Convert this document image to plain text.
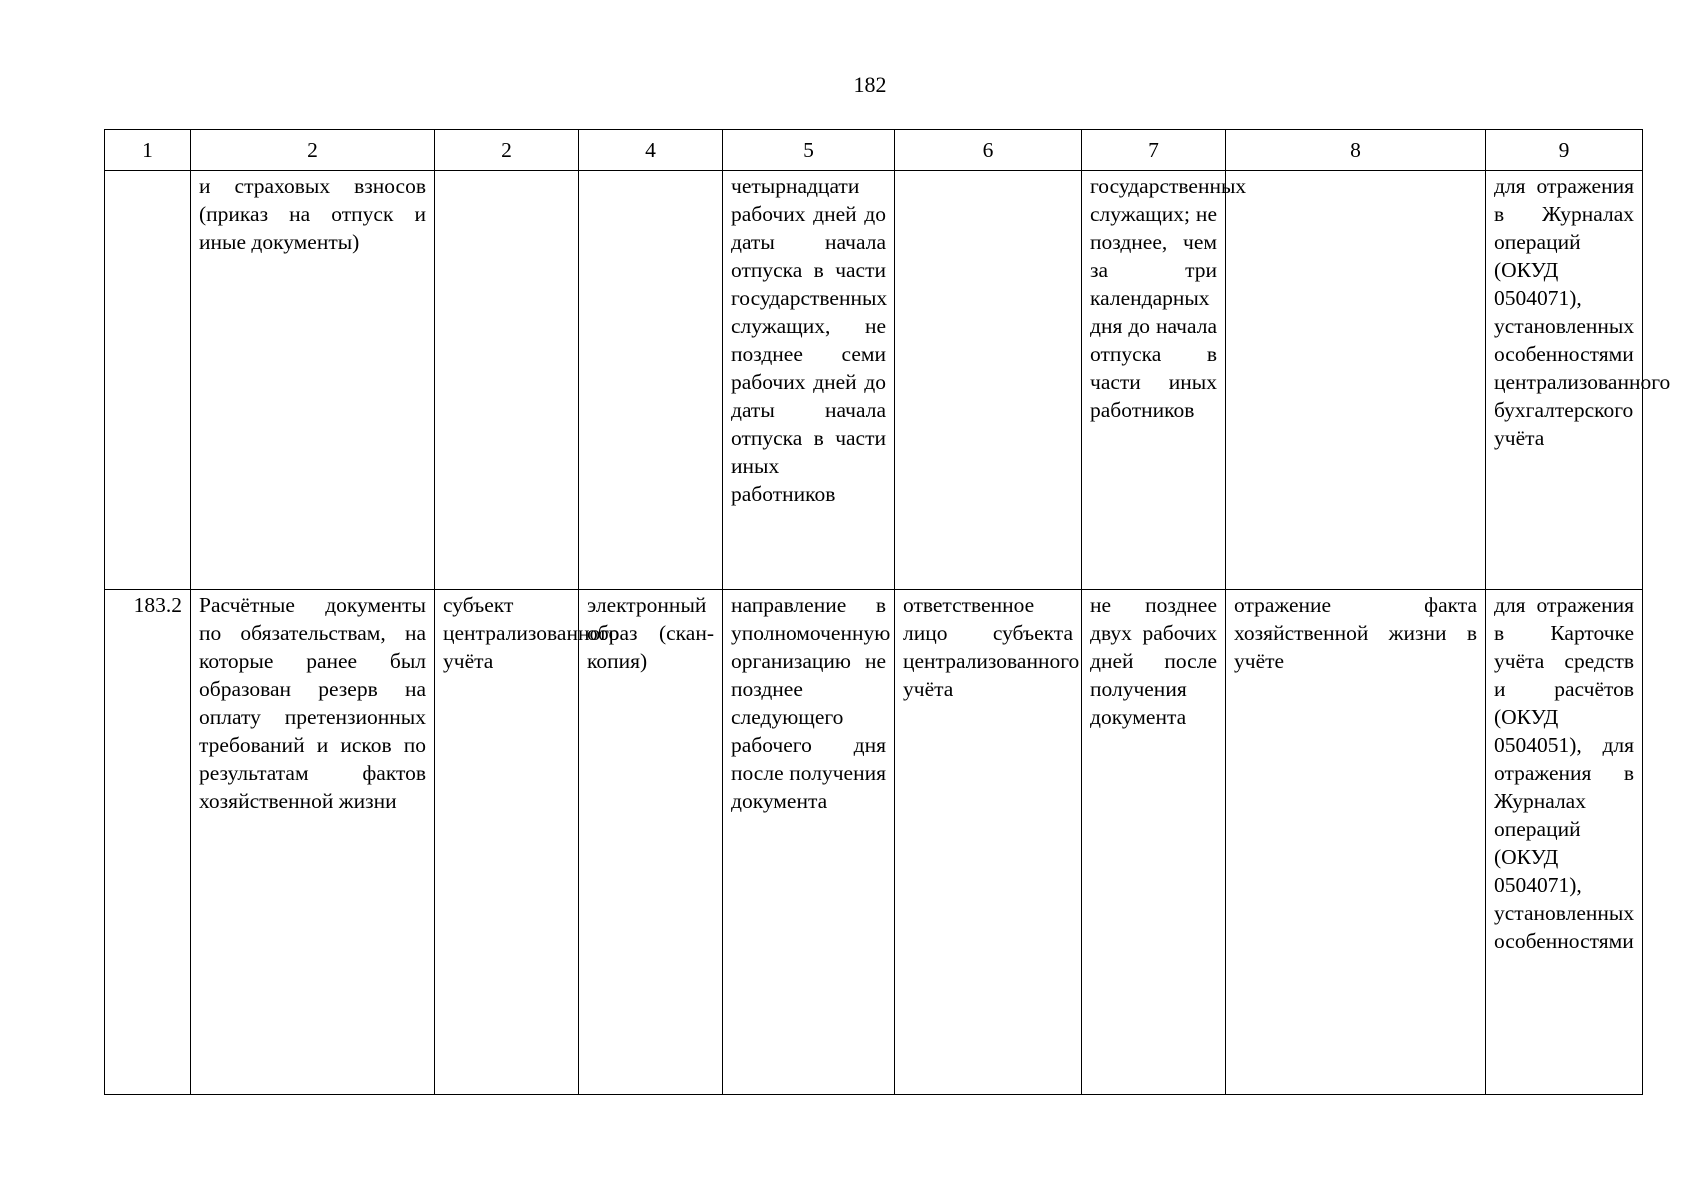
182
1	2	2	4	5	6	7	8	9
	и страховых взносов (приказ на отпуск и иные документы)			четырнадцати рабочих дней до даты начала отпуска в части государственных служащих, не позднее семи рабочих дней до даты начала отпуска в части иных работников		государственных служащих; не позднее, чем за три календарных дня до начала отпуска в части иных работников		для отражения в Журналах операций (ОКУД 0504071), установленных особенностями централизованного бухгалтерского учёта
183.2	Расчётные документы по обязательствам, на которые ранее был образован резерв на оплату претензионных требований и исков по результатам фактов хозяйственной жизни	субъект централизованного учёта	электронный образ (скан-копия)	направление в уполномоченную организацию не позднее следующего рабочего дня после получения документа	ответственное лицо субъекта централизованного учёта	не позднее двух рабочих дней после получения документа	отражение факта хозяйственной жизни в учёте	для отражения в Карточке учёта средств и расчётов (ОКУД 0504051), для отражения в Журналах операций (ОКУД 0504071), установленных особенностями
